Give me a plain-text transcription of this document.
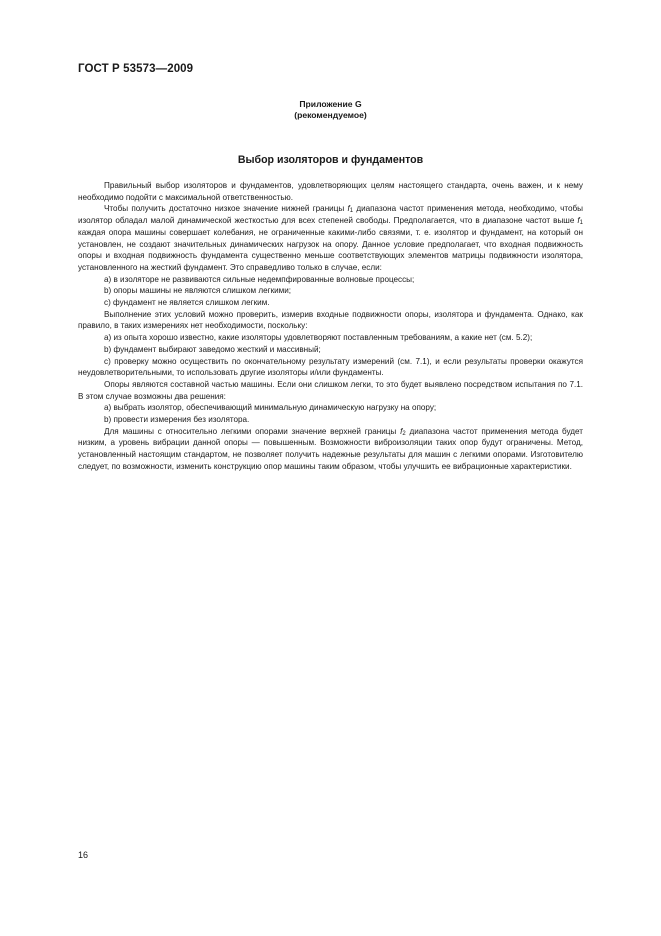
ГОСТ Р 53573—2009
Приложение G
(рекомендуемое)
Выбор изоляторов и фундаментов

Правильный выбор изоляторов и фундаментов, удовлетворяющих целям настоящего стандарта, очень важен, и к нему необходимо подойти с максимальной ответственностью.

Чтобы получить достаточно низкое значение нижней границы $f_1$ диапазона частот применения метода, необходимо, чтобы изолятор обладал малой динамической жесткостью для всех степеней свободы. Предполагается, что в диапазоне частот выше $f_1$ каждая опора машины совершает колебания, не ограниченные какими-либо связями, т. е. изолятор и фундамент, на который он установлен, не создают значительных динамических нагрузок на опору. Данное условие предполагает, что входная подвижность опоры и входная подвижность фундамента существенно меньше соответствующих элементов матрицы подвижности изолятора, установленного на жесткий фундамент. Это справедливо только в случае, если:

а) в изоляторе не развиваются сильные недемпфированные волновые процессы;

b) опоры машины не являются слишком легкими;

с) фундамент не является слишком легким.

Выполнение этих условий можно проверить, измерив входные подвижности опоры, изолятора и фундамента. Однако, как правило, в таких измерениях нет необходимости, поскольку:

а) из опыта хорошо известно, какие изоляторы удовлетворяют поставленным требованиям, а какие нет (см. 5.2);

b) фундамент выбирают заведомо жесткий и массивный;

с) проверку можно осуществить по окончательному результату измерений (см. 7.1), и если результаты проверки окажутся неудовлетворительными, то использовать другие изоляторы и/или фундаменты.

Опоры являются составной частью машины. Если они слишком легки, то это будет выявлено посредством испытания по 7.1. В этом случае возможны два решения:

а) выбрать изолятор, обеспечивающий минимальную динамическую нагрузку на опору;

b) провести измерения без изолятора.

Для машины с относительно легкими опорами значение верхней границы $f_2$ диапазона частот применения метода будет низким, а уровень вибрации данной опоры — повышенным. Возможности виброизоляции таких опор будут ограничены. Метод, установленный настоящим стандартом, не позволяет получить надежные результаты для машин с легкими опорами. Изготовителю следует, по возможности, изменить конструкцию опор машины таким образом, чтобы улучшить ее вибрационные характеристики.

16
